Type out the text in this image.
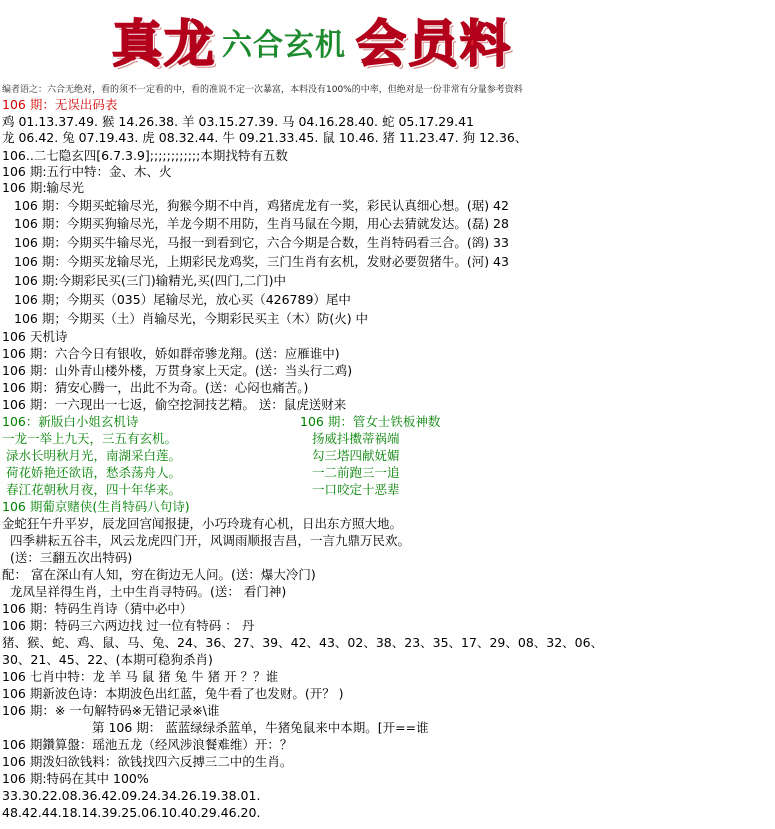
真龙 六合玄机 会员料
编者语之：六合无绝对，看的须不一定看的中，看的准说不定一次暴富，本料没有100%的中率，但绝对是一份非常有分量参考资料
106 期：无误出码表
鸡 01.13.37.49. 猴 14.26.38. 羊 03.15.27.39. 马 04.16.28.40. 蛇 05.17.29.41
龙 06.42. 兔 07.19.43. 虎 08.32.44. 牛 09.21.33.45. 鼠 10.46. 猪 11.23.47. 狗 12.36、
106..二七隐玄四[6.7.3.9];;;;;;;;;;;;本期找特有五数
106 期:五行中特：金、木、火
106 期:输尽光
106 期：今期买蛇输尽光，狗猴今期不中肖，鸡猪虎龙有一奖，彩民认真细心想。(琚) 42
106 期：今期买狗输尽光，羊龙今期不用防，生肖马鼠在今期，用心去猜就发达。(磊) 28
106 期：今期买牛输尽光，马报一到看到它，六合今期是合数，生肖特码看三合。(鹆) 33
106 期：今期买龙输尽光，上期彩民龙鸡奖，三门生肖有玄机，发财必要贺猪牛。(河) 43
106 期:今期彩民买(三门)输精光,买(四门,二门)中
106 期；今期买（035）尾输尽光，放心买（426789）尾中
106 期；今期买（土）肖输尽光，今期彩民买主（木）防(火) 中
106 天机诗
106 期：六合今日有银收，娇如群帝骖龙翔。(送：应雁谁中)
106 期：山外青山楼外楼，万贯身家上天定。(送：当头行二鸡)
106 期：猜安心腾一，出此不为奇。(送：心闷也痛苦。)
106 期：一六现出一七返，偷空挖洞技艺精。 送：鼠虎送财来
106：新版白小姐玄机诗	106 期：管女士铁板神数
一龙一举上九天，三五有玄机。	扬威抖擞蒂祸端
渌水长明秋月光，南湖采白莲。	勾三塔四献妩媚
荷花娇艳还欲语，愁杀荡舟人。	一二前跑三一追
春江花朝秋月夜，四十年华来。	一口咬定十恶辈
106 期葡京赌侠(生肖特码八句诗)
金蛇狂午升平岁，辰龙回宫闻报捷，小巧玲珑有心机，日出东方照大地。
四季耕耘五谷丰，风云龙虎四门开，风调雨顺报吉昌，一言九鼎万民欢。
(送：三翻五次出特码)
配： 富在深山有人知，穷在街边无人问。(送：爆大冷门)
龙凤呈祥得生肖，土中生肖寻特码。(送： 看门神)
106 期：特码生肖诗（猜中必中）
106 期：特码三六两边找 过一位有特码 ： 丹
猪、猴、蛇、鸡、鼠、马、兔、24、36、27、39、42、43、02、38、23、35、17、29、08、32、06、
30、21、45、22、(本期可稳狗杀肖)
106 七肖中特：龙 羊 马 鼠 猪 兔 牛 猪 开 ？？谁
106 期新波色诗：本期波色出红蓝，兔牛看了也发财。(开？ )
106 期：※ 一句解特码※无错记录※\谁
第 106 期： 蓝蓝绿绿杀蓝单，牛猪兔鼠来中本期。[开==谁
106 期鑽算盤：瑶池五龙（经风涉浪餐难维）开：？
106 期泼妇欲钱料：欲钱找四六反搏三二中的生肖。
106 期:特码在其中 100%
33.30.22.08.36.42.09.24.34.26.19.38.01.
48.42.44.18.14.39.25.06.10.40.29.46.20.
